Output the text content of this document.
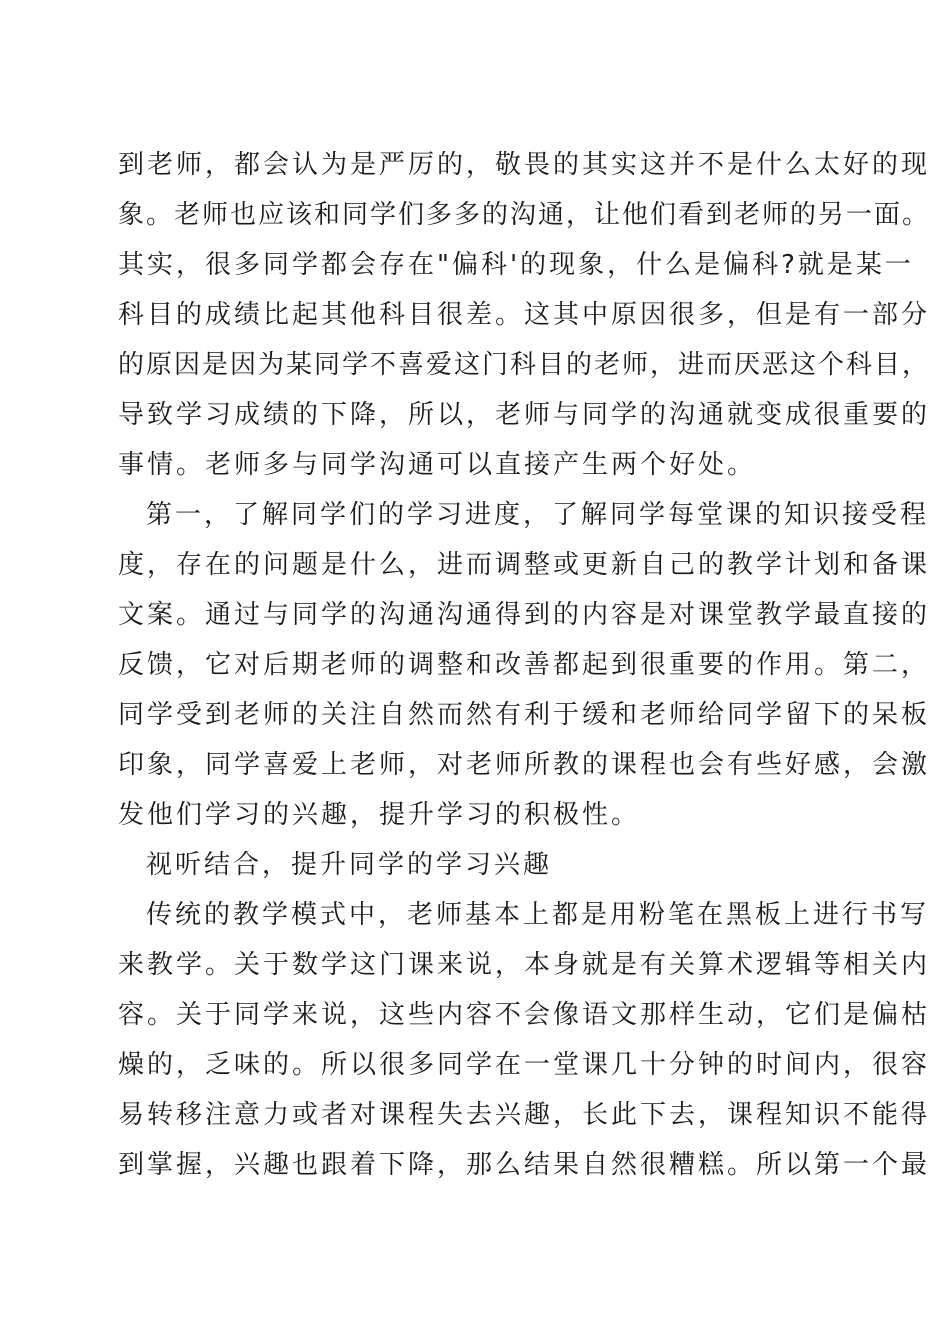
到老师，都会认为是严厉的，敬畏的其实这并不是什么太好的现
象。老师也应该和同学们多多的沟通，让他们看到老师的另一面。
其实，很多同学都会存在"偏科'的现象，什么是偏科?就是某一
科目的成绩比起其他科目很差。这其中原因很多，但是有一部分
的原因是因为某同学不喜爱这门科目的老师，进而厌恶这个科目，
导致学习成绩的下降，所以，老师与同学的沟通就变成很重要的
事情。老师多与同学沟通可以直接产生两个好处。
第一，了解同学们的学习进度，了解同学每堂课的知识接受程
度，存在的问题是什么，进而调整或更新自己的教学计划和备课
文案。通过与同学的沟通沟通得到的内容是对课堂教学最直接的
反馈，它对后期老师的调整和改善都起到很重要的作用。第二，
同学受到老师的关注自然而然有利于缓和老师给同学留下的呆板
印象，同学喜爱上老师，对老师所教的课程也会有些好感，会激
发他们学习的兴趣，提升学习的积极性。
视听结合，提升同学的学习兴趣
传统的教学模式中，老师基本上都是用粉笔在黑板上进行书写
来教学。关于数学这门课来说，本身就是有关算术逻辑等相关内
容。关于同学来说，这些内容不会像语文那样生动，它们是偏枯
燥的，乏味的。所以很多同学在一堂课几十分钟的时间内，很容
易转移注意力或者对课程失去兴趣，长此下去，课程知识不能得
到掌握，兴趣也跟着下降，那么结果自然很糟糕。所以第一个最
